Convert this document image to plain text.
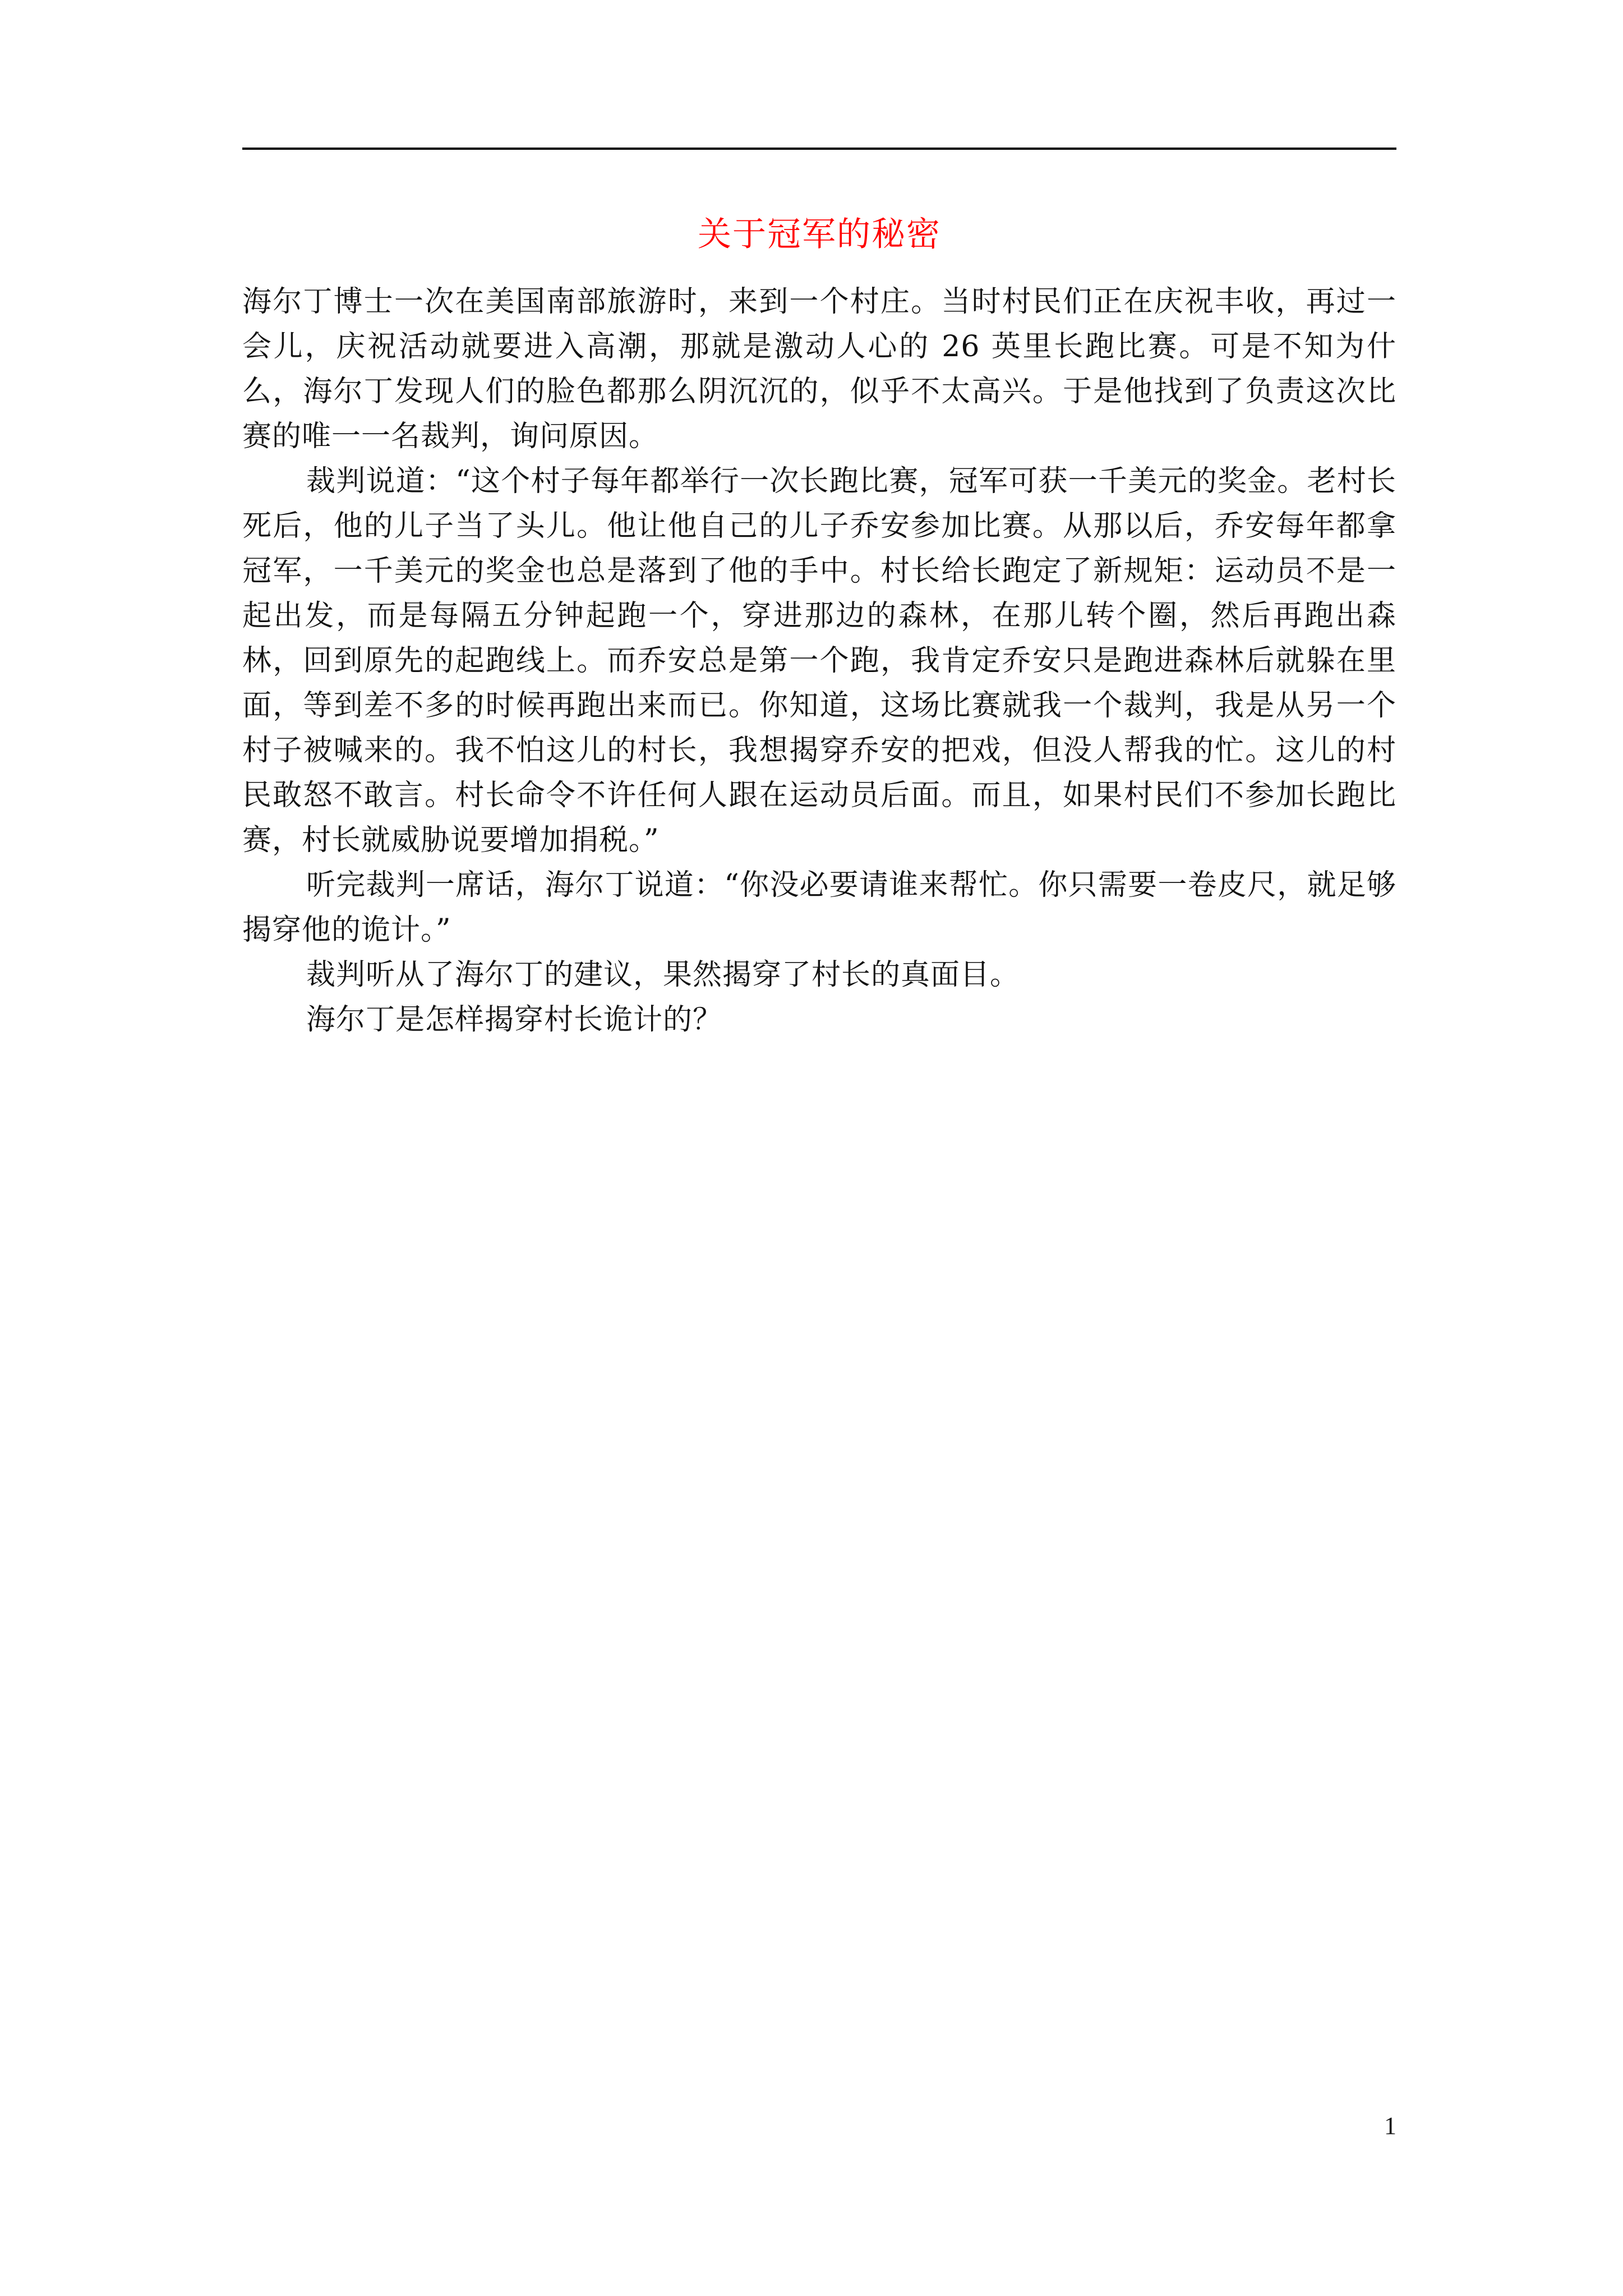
关于冠军的秘密

海尔丁博士一次在美国南部旅游时，来到一个村庄。当时村民们正在庆祝丰收，再过一会儿，庆祝活动就要进入高潮，那就是激动人心的 26 英里长跑比赛。可是不知为什么，海尔丁发现人们的脸色都那么阴沉沉的，似乎不太高兴。于是他找到了负责这次比赛的唯一一名裁判，询问原因。

裁判说道：“这个村子每年都举行一次长跑比赛，冠军可获一千美元的奖金。老村长死后，他的儿子当了头儿。他让他自己的儿子乔安参加比赛。从那以后，乔安每年都拿冠军，一千美元的奖金也总是落到了他的手中。村长给长跑定了新规矩：运动员不是一起出发，而是每隔五分钟起跑一个，穿进那边的森林，在那儿转个圈，然后再跑出森林，回到原先的起跑线上。而乔安总是第一个跑，我肯定乔安只是跑进森林后就躲在里面，等到差不多的时候再跑出来而已。你知道，这场比赛就我一个裁判，我是从另一个村子被喊来的。我不怕这儿的村长，我想揭穿乔安的把戏，但没人帮我的忙。这儿的村民敢怒不敢言。村长命令不许任何人跟在运动员后面。而且，如果村民们不参加长跑比赛，村长就威胁说要增加捐税。”

听完裁判一席话，海尔丁说道：“你没必要请谁来帮忙。你只需要一卷皮尺，就足够揭穿他的诡计。”

裁判听从了海尔丁的建议，果然揭穿了村长的真面目。

海尔丁是怎样揭穿村长诡计的？

1
